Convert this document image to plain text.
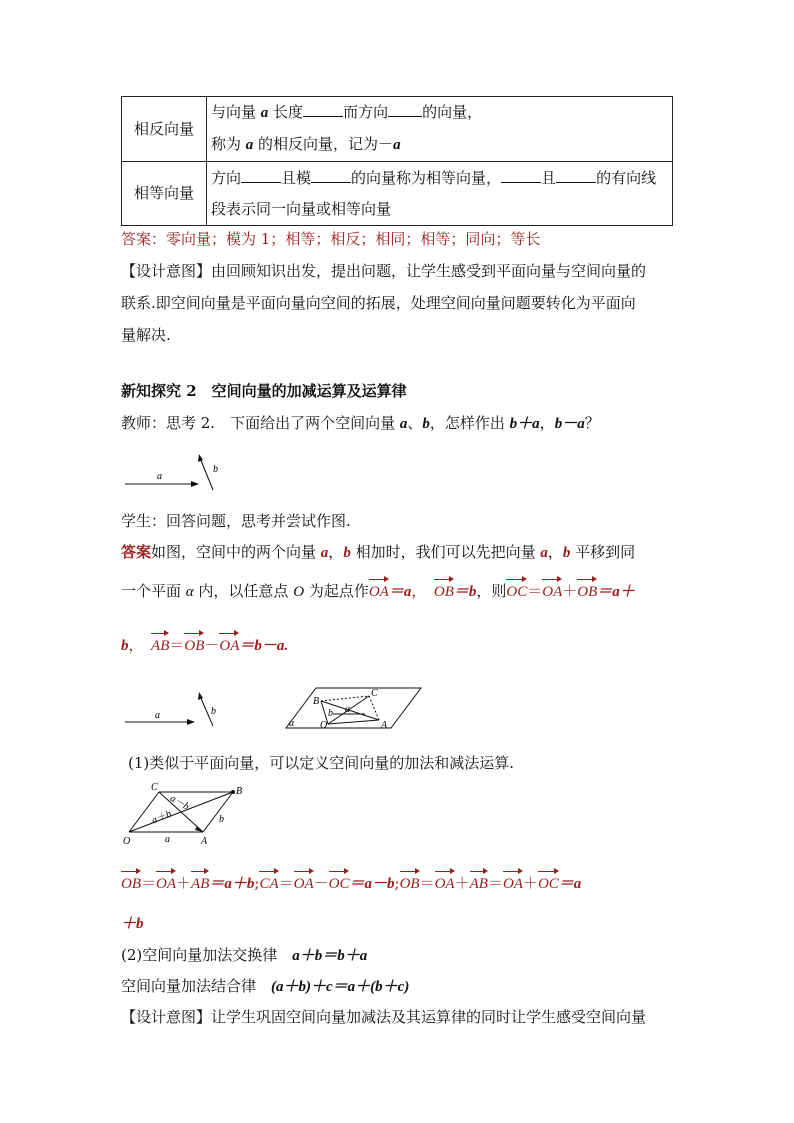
相反向量	与向量 a 长度 而方向 的向量，
称为 a 的相反向量，记为－a

相等向量	方向 且模 的向量称为相等向量， 且 的有向线
段表示同一向量或相等向量
答案：零向量；模为 1；相等；相反；相同；相等；同向；等长
【设计意图】由回顾知识出发，提出问题，让学生感受到平面向量与空间向量的
联系.即空间向量是平面向量向空间的拓展，处理空间向量问题要转化为平面向
量解决.
新知探究 2　空间向量的加减运算及运算律
教师：思考 2.　下面给出了两个空间向量 a、b，怎样作出 b＋a，b－a？
a
b
学生：回答问题，思考并尝试作图.
答案如图，空间中的两个向量 a，b 相加时，我们可以先把向量 a，b 平移到同
一个平面 α 内，以任意点 O 为起点作OA＝a，　 OB＝b，则OC＝OA＋OB＝a＋
b，　 AB＝OB－OA＝b－a.
a	b
α
B
C
O	A
a
b
(1)类似于平面向量，可以定义空间向量的加法和减法运算.
C	B
O	A
a
b
a－b
a＋b
OB＝OA＋AB＝a＋b;CA＝OA－OC＝a－b;OB＝OA＋AB＝OA＋OC＝a
＋b
(2)空间向量加法交换律　 a＋b＝b＋a
空间向量加法结合律　 (a＋b)＋c＝a＋(b＋c)
【设计意图】让学生巩固空间向量加减法及其运算律的同时让学生感受空间向量
